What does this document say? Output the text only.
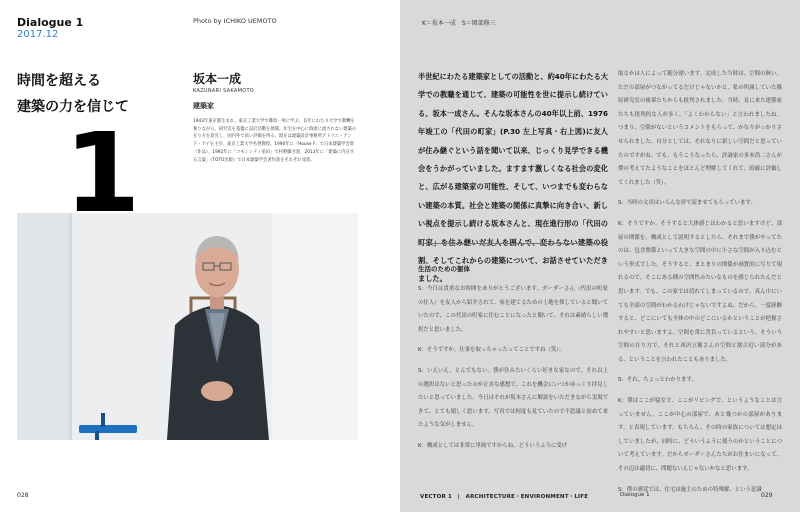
Dialogue 1
2017.12
Photo by ICHIKO UEMOTO
時間を超える
建築の力を信じて
坂本一成
KAZUNARI SAKAMOTO
建築家
1943年東京都生まれ。東京工業大学で篠原一男に学ぶ。長年にわたり大学で教鞭を執りながら、研究室を基盤に設計活動を展開。住宅を中心に時流に流されない建築の在り方を追究し、国内外で高い評価を得る。現在は建築設計事務所アトリエ・アンド・アイを主宰、東京工業大学名誉教授。1990年に「House F」で日本建築学会賞（作品）、1992年に「コモンシティ星田」で村野藤吾賞、2013年に「建築に内在する言葉」（TOTO出版）で日本建築学会著作賞をそれぞれ受賞。
1
028
K＝坂本一成　S＝岡部修三
半世紀にわたる建築家としての活動と、約40年にわたる大学での教職を通じて、建築の可能性を世に提示し続けている、坂本一成さん。そんな坂本さんの40年以上前、1976年竣工の「代田の町家」(P.30 左上写真・右上図)に友人が住み継ぐという話を聞いて以来、じっくり見学できる機会をうかがっていました。ますます激しくなる社会の変化と、広がる建築家の可能性、そして、いつまでも変わらない建築の本質。社会と建築の関係に真摯に向き合い、新しい視点を提示し続ける坂本さんと、現在進行形の「代田の町家」を住み継いだ友人を囲んで、変わらない建築の役割、そしてこれからの建築について、お話させていただきました。
生活のための躯体

S：今日は貴重なお時間をありがとうございます。ガーダーさん（代田の町家の住人）を友人から紹介されて、家を建てるための土地を探していると聞いていたので、この代田の町家に住むことになったと聞いて、それは素晴らしい選択だと思いました。

K：そうですか。仕事を取っちゃったってことですね（笑）。

S：いえいえ、とんでもない。僕が住みたいくらい好きな家なので、それ以上の選択はないと思ったのが正直な感想で、これを機会にいつかゆっくり拝見したいと思っていました。今日はそれが坂本さんに解説をいただきながら実現できて、とても嬉しく思います。写真では何度も見ていたので不思議と初めて来たような気がしません。

K：構成としては非常に単純ですからね。どういうふうに受け

取るかは人によって随分違います。完成した当時は、空間の無い、ただの部屋がつながってるだけじゃないかと、私の所属していた篠原研究室の後輩たちからも批判されました。当時、見に来た建築家たちも批判的な人が多く、「よくわからない」と言われましたね。つまり、空間がないというコメントをもらって、かなりがっかりさせられました。自分としては、それなりに新しい空間だと思っていたのですがね。でも、もうこうなったら、評論家の多木浩二さんが僕の考えてたようなことをほとんど理解してくれて、的確に評価してくれました（笑）。

S：当時の文章はいろんな形で読ませてもらっています。

K：そうですか。そうすると大体感じはわかると思いますけど、部屋の関係を、構成として説明するとしたら、それまで僕がやってたのは、包含関係といって大きな空間の中に小さな空間が入り込むという形式でした。そうすると、まとまりの関係が画質的に写りて現れるので、そこにある種の空間性みたいなものを感じられたんだと思います。でも、この家では切れてしまっているので、真ん中にいても全部の空間がわかるわけじゃないですよね。だから、一度経験すると、どこにいても全体の中のどこにいるかということが把握されやすいと思いますよ。空間を常に背負っているという、そういう空間の在り方で、それと西沢立衛さんの空間と割合近い部分がある、ということを言われたこともありました。

S：それ、ちょっとわかります。

K：僕はここが寝室で、ここがリビングで、というようなことは言っていません。ここが中心の部屋で、あと幾つかの部屋があります、と表現しています。もちろん、その時の家族については想定はしていましたが、同時に、どういうふうに使うのかということについて考えています。だからガーダーさんたちがお住まいになって、その辺は適切に、問題ないんじゃないかなと思います。

S：僕の感覚では、住宅は施主のための特殊解、という意識

VECTOR 1　|　ARCHITECTURE・ENVIRONMENT・LIFE	Dialogue 1	029
